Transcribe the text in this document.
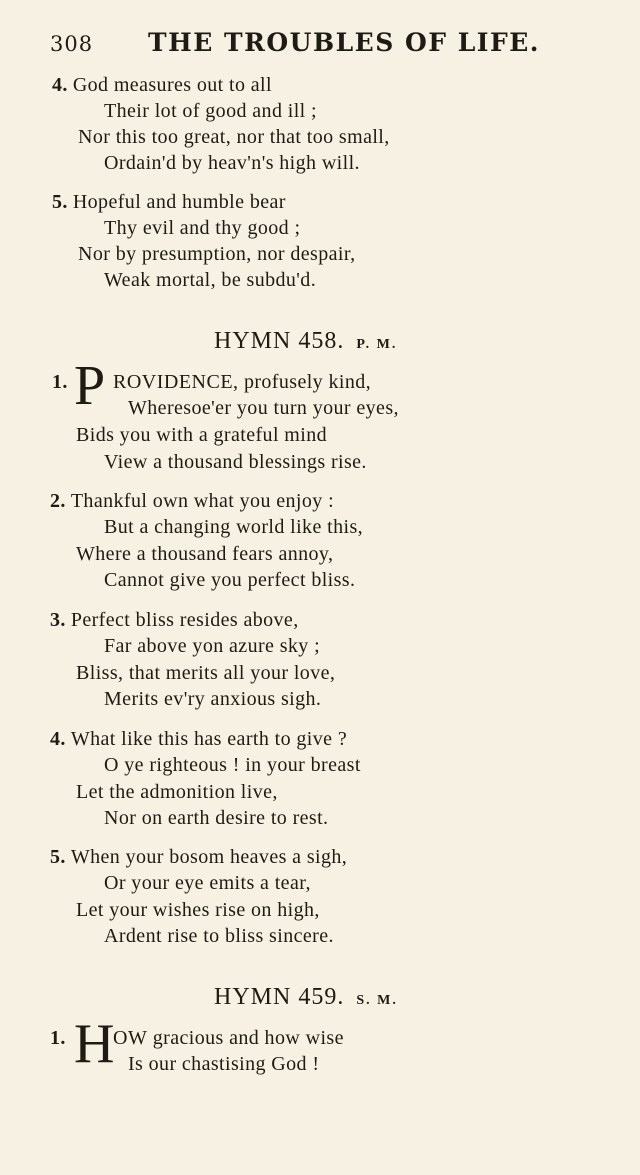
308 THE TROUBLES OF LIFE.
4. God measures out to all
Their lot of good and ill ;
Nor this too great, nor that too small,
Ordain'd by heav'n's high will.
5. Hopeful and humble bear
Thy evil and thy good ;
Nor by presumption, nor despair,
Weak mortal, be subdu'd.
HYMN 458. P. M.
1. P ROVIDENCE, profusely kind,
Wheresoe'er you turn your eyes,
Bids you with a grateful mind
View a thousand blessings rise.
2. Thankful own what you enjoy :
But a changing world like this,
Where a thousand fears annoy,
Cannot give you perfect bliss.
3. Perfect bliss resides above,
Far above yon azure sky ;
Bliss, that merits all your love,
Merits ev'ry anxious sigh.
4. What like this has earth to give ?
O ye righteous ! in your breast
Let the admonition live,
Nor on earth desire to rest.
5. When your bosom heaves a sigh,
Or your eye emits a tear,
Let your wishes rise on high,
Ardent rise to bliss sincere.
HYMN 459. S. M.
1. H
OW gracious and how wise
Is our chastising God !
